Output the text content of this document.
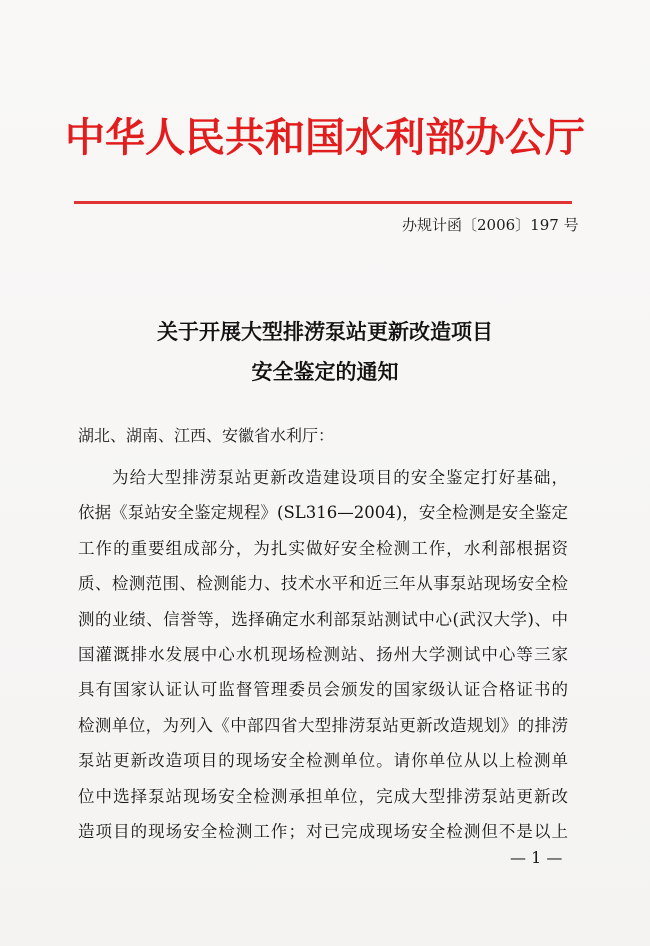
中华人民共和国水利部办公厅
办规计函〔2006〕197 号
关于开展大型排涝泵站更新改造项目
安全鉴定的通知
湖北、湖南、江西、安徽省水利厅：
为给大型排涝泵站更新改造建设项目的安全鉴定打好基础，
依据《泵站安全鉴定规程》(SL316—2004)，安全检测是安全鉴定
工作的重要组成部分，为扎实做好安全检测工作，水利部根据资
质、检测范围、检测能力、技术水平和近三年从事泵站现场安全检
测的业绩、信誉等，选择确定水利部泵站测试中心(武汉大学)、中
国灌溉排水发展中心水机现场检测站、扬州大学测试中心等三家
具有国家认证认可监督管理委员会颁发的国家级认证合格证书的
检测单位，为列入《中部四省大型排涝泵站更新改造规划》的排涝
泵站更新改造项目的现场安全检测单位。请你单位从以上检测单
位中选择泵站现场安全检测承担单位，完成大型排涝泵站更新改
造项目的现场安全检测工作；对已完成现场安全检测但不是以上
— 1 —
